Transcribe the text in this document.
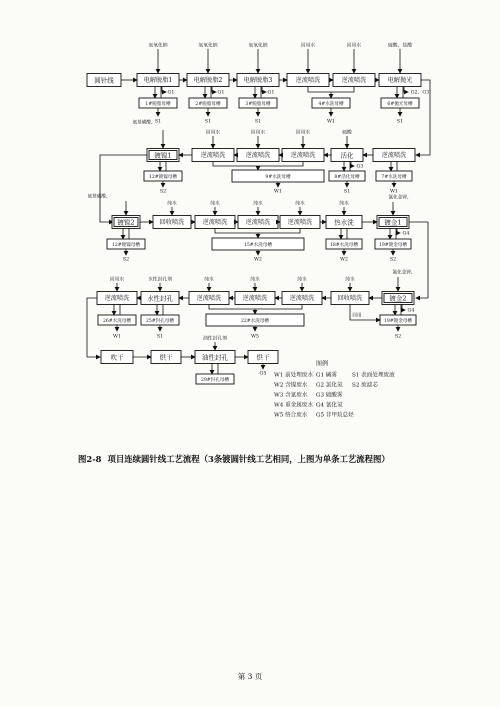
圆针线	电解脱脂1	电解脱脂2	电解脱脂3	逆流喷洗	逆流喷洗	电解抛光
氢氧化钠	氢氧化钠	氢氧化钠	回用水	回用水	硫酸、盐酸
1#脱脂母槽	2#脱脂母槽	3#脱脂母槽	4#水洗母槽	6#抛光母槽
G1	G1	G1	G2、G3
S1	S1	S1	S1
W1
镀镍1	逆流喷洗	逆流喷洗	逆流喷洗	活化	逆流喷洗
氨基磺酸、
回用水	回用水	回用水	硫酸
12#镀镍母槽	9#水洗母槽	8#活化母槽	7#水洗母槽
G3
S2	S1
W1	W1
镀镍2	回收喷洗	逆流喷洗	逆流喷洗	逆流喷洗	热水洗	镀金1
氨基磺酸、
纯水	纯水	纯水	纯水	纯水
氰化金钾、
12#镀镍母槽	15#水洗母槽	18#水洗母槽	19#镀金母槽
G4
S2	W2	W2	S2
逆流喷洗	水性封孔	逆流喷洗	逆流喷洗	逆流喷洗	回收喷洗	镀金2
回用水	水性封孔剂	纯水	纯水	纯水	纯水
氰化金钾、
26#水洗母槽	25#封孔母槽	22#水洗母槽	19#镀金母槽
G4
回用
W1	S1	W5	S2
吹干	烘干	油性封孔	烘干
油性封孔剂
29#封孔母槽
G5
图例
W1 前处理废水 G1 碱雾	S1 表面处理废液
W2 含镍废水 G2 氯化氢 S2 废滤芯
W3 含氰废水 G3 硫酸雾
W4 重金属废水 G4 氰化氢
W5 络合废水 G5 非甲烷总烃
图2-8 项目连续圆针线工艺流程（3条镀圆针线工艺相同，上图为单条工艺流程图）
第 3 页
